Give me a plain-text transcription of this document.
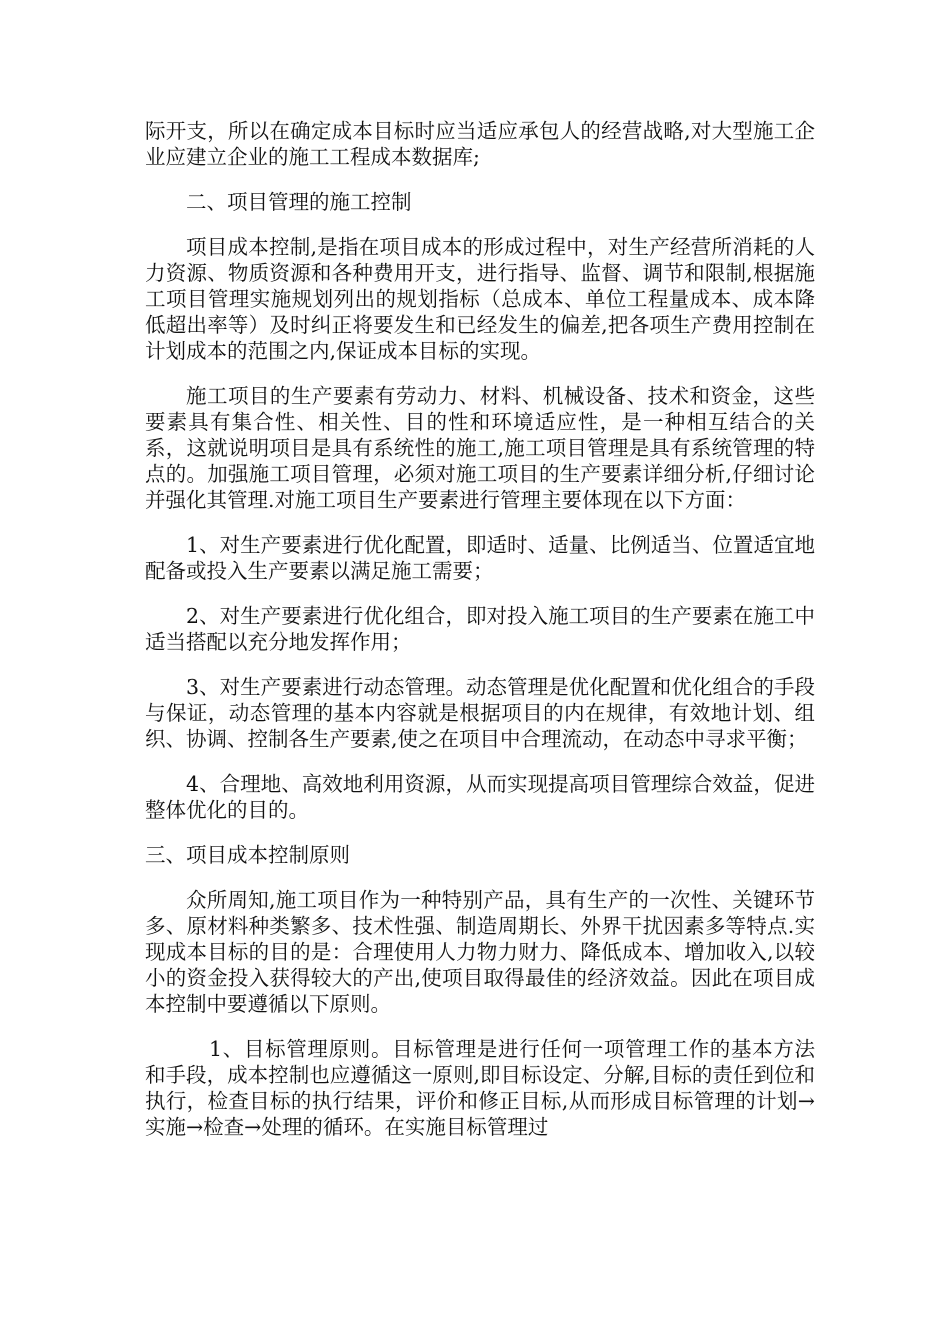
际开支，所以在确定成本目标时应当适应承包人的经营战略,对大型施工企业应建立企业的施工工程成本数据库;

二、项目管理的施工控制

项目成本控制,是指在项目成本的形成过程中，对生产经营所消耗的人力资源、物质资源和各种费用开支，进行指导、监督、调节和限制,根据施工项目管理实施规划列出的规划指标（总成本、单位工程量成本、成本降低超出率等）及时纠正将要发生和已经发生的偏差,把各项生产费用控制在计划成本的范围之内,保证成本目标的实现。

施工项目的生产要素有劳动力、材料、机械设备、技术和资金，这些要素具有集合性、相关性、目的性和环境适应性，是一种相互结合的关系，这就说明项目是具有系统性的施工,施工项目管理是具有系统管理的特点的。加强施工项目管理，必须对施工项目的生产要素详细分析,仔细讨论并强化其管理.对施工项目生产要素进行管理主要体现在以下方面：

1、对生产要素进行优化配置，即适时、适量、比例适当、位置适宜地配备或投入生产要素以满足施工需要；

2、对生产要素进行优化组合，即对投入施工项目的生产要素在施工中适当搭配以充分地发挥作用；

3、对生产要素进行动态管理。动态管理是优化配置和优化组合的手段与保证，动态管理的基本内容就是根据项目的内在规律，有效地计划、组织、协调、控制各生产要素,使之在项目中合理流动，在动态中寻求平衡；

4、合理地、高效地利用资源，从而实现提高项目管理综合效益，促进整体优化的目的。

三、项目成本控制原则

众所周知,施工项目作为一种特别产品，具有生产的一次性、关键环节多、原材料种类繁多、技术性强、制造周期长、外界干扰因素多等特点.实现成本目标的目的是：合理使用人力物力财力、降低成本、增加收入,以较小的资金投入获得较大的产出,使项目取得最佳的经济效益。因此在项目成本控制中要遵循以下原则。

1、目标管理原则。目标管理是进行任何一项管理工作的基本方法和手段，成本控制也应遵循这一原则,即目标设定、分解,目标的责任到位和执行，检查目标的执行结果，评价和修正目标,从而形成目标管理的计划→实施→检查→处理的循环。在实施目标管理过
